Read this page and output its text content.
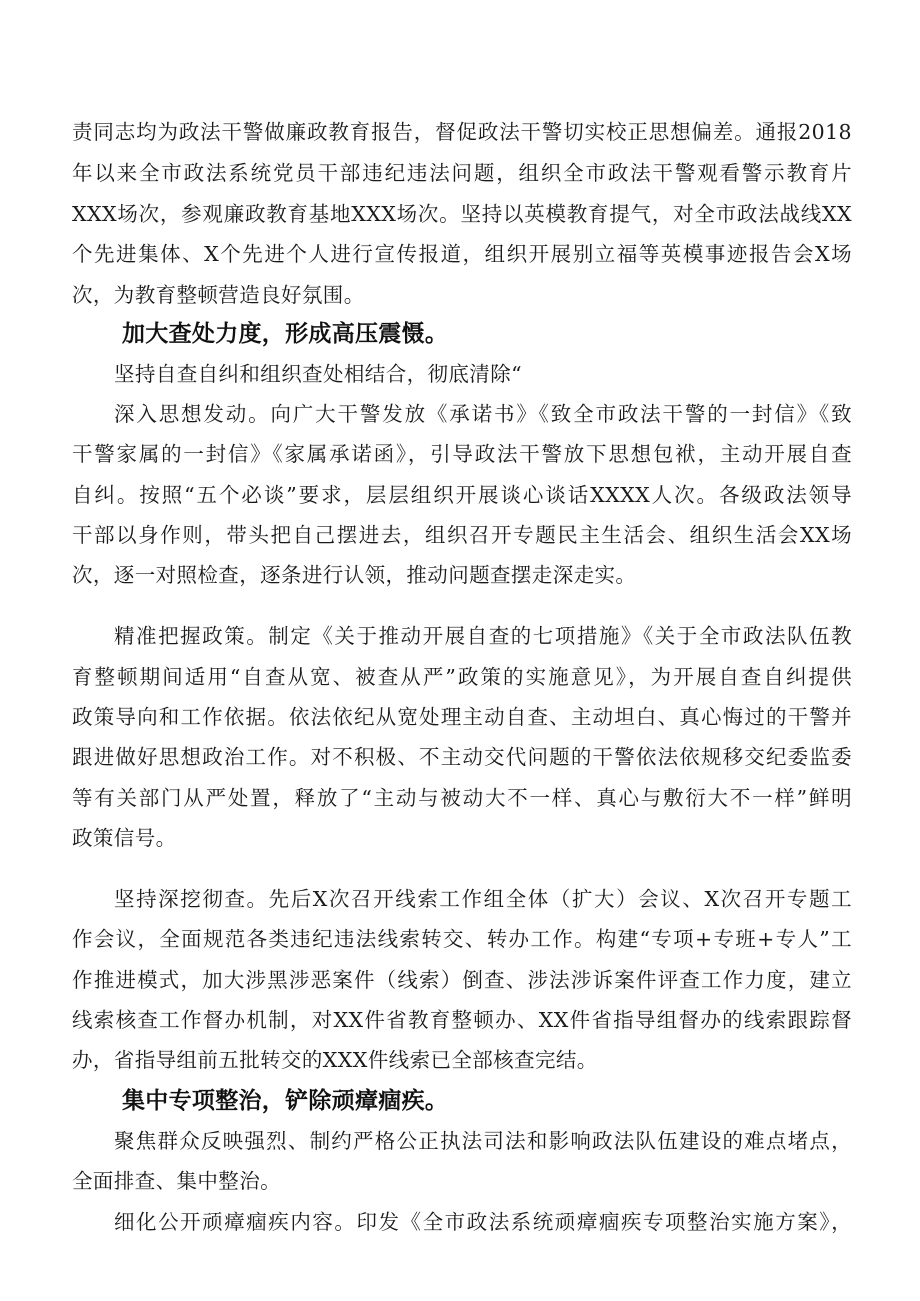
责同志均为政法干警做廉政教育报告，督促政法干警切实校正思想偏差。通报2018
年以来全市政法系统党员干部违纪违法问题，组织全市政法干警观看警示教育片
XXX场次，参观廉政教育基地XXX场次。坚持以英模教育提气，对全市政法战线XX
个先进集体、X个先进个人进行宣传报道，组织开展别立福等英模事迹报告会X场
次，为教育整顿营造良好氛围。
加大查处力度，形成高压震慑。
坚持自查自纠和组织查处相结合，彻底清除“
深入思想发动。向广大干警发放《承诺书》《致全市政法干警的一封信》《致
干警家属的一封信》《家属承诺函》，引导政法干警放下思想包袱，主动开展自查
自纠。按照“五个必谈”要求，层层组织开展谈心谈话XXXX人次。各级政法领导
干部以身作则，带头把自己摆进去，组织召开专题民主生活会、组织生活会XX场
次，逐一对照检查，逐条进行认领，推动问题查摆走深走实。
精准把握政策。制定《关于推动开展自查的七项措施》《关于全市政法队伍教
育整顿期间适用“自查从宽、被查从严”政策的实施意见》，为开展自查自纠提供
政策导向和工作依据。依法依纪从宽处理主动自查、主动坦白、真心悔过的干警并
跟进做好思想政治工作。对不积极、不主动交代问题的干警依法依规移交纪委监委
等有关部门从严处置，释放了“主动与被动大不一样、真心与敷衍大不一样”鲜明
政策信号。
坚持深挖彻查。先后X次召开线索工作组全体（扩大）会议、X次召开专题工
作会议，全面规范各类违纪违法线索转交、转办工作。构建“专项+专班+专人”工
作推进模式，加大涉黑涉恶案件（线索）倒查、涉法涉诉案件评查工作力度，建立
线索核查工作督办机制，对XX件省教育整顿办、XX件省指导组督办的线索跟踪督
办，省指导组前五批转交的XXX件线索已全部核查完结。
集中专项整治，铲除顽瘴痼疾。
聚焦群众反映强烈、制约严格公正执法司法和影响政法队伍建设的难点堵点，
全面排查、集中整治。
细化公开顽瘴痼疾内容。印发《全市政法系统顽瘴痼疾专项整治实施方案》，
